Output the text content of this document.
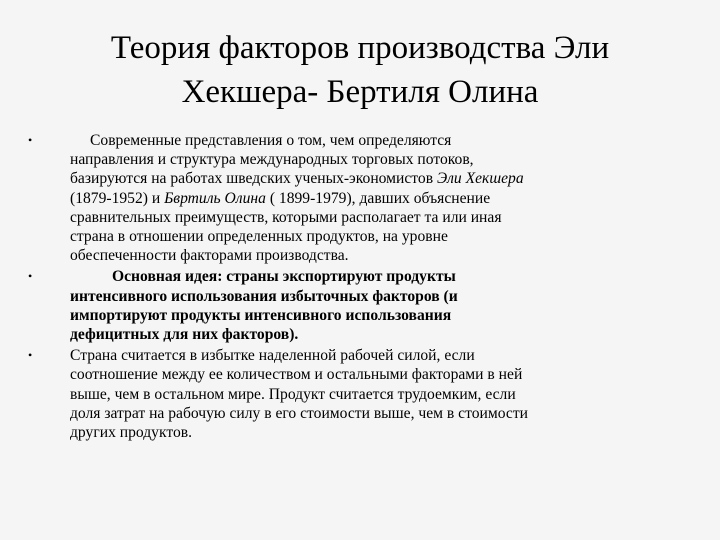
Теория факторов производства Эли
Хекшера- Бертиля Олина
•	Современные представления о том, чем определяются
направления и структура международных торговых потоков,
базируются на работах шведских ученых-экономистов Эли Хекшера
(1879-1952) и Бвртиль Олина ( 1899-1979), давших объяснение
сравнительных преимуществ, которыми располагает та или иная
страна в отношении определенных продуктов, на уровне
обеспеченности факторами производства.
•	Основная идея: страны экспортируют продукты
интенсивного использования избыточных факторов (и
импортируют продукты интенсивного использования
дефицитных для них факторов).
•	Страна считается в избытке наделенной рабочей силой, если
соотношение между ее количеством и остальными факторами в ней
выше, чем в остальном мире. Продукт считается трудоемким, если
доля затрат на рабочую силу в его стоимости выше, чем в стоимости
других продуктов.
